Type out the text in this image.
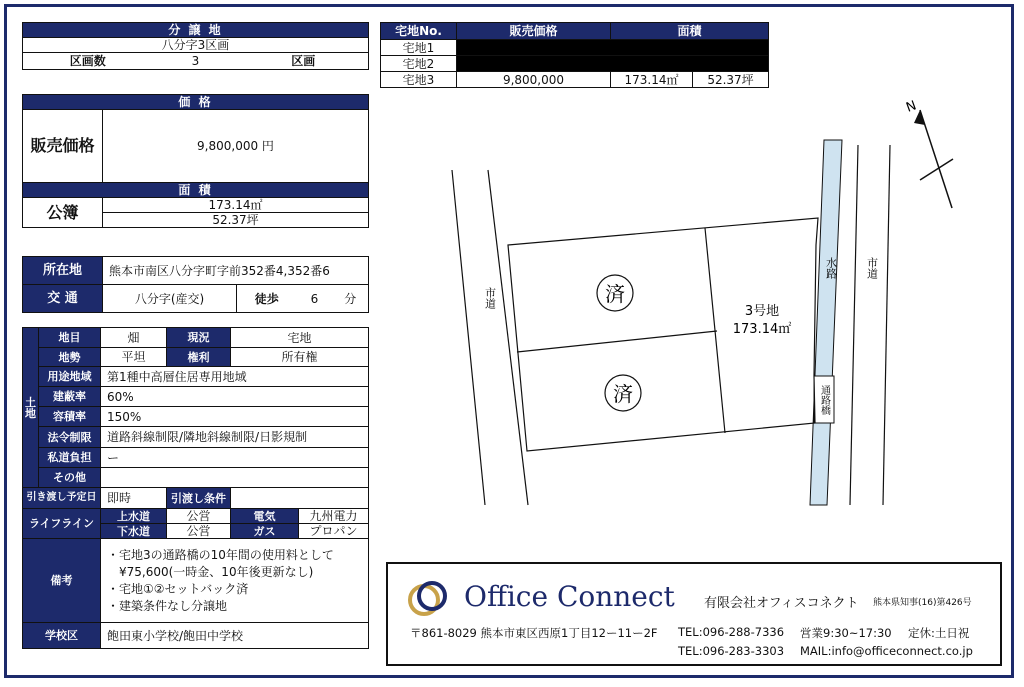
分 譲 地
八分字3区画
区画数	3	区画
価 格	
販売価格	9,800,000 円
面 積	
公簿	173.14㎡
	52.37坪
所在地	熊本市南区八分字町字前352番4,352番6			
交 通	八分字(産交)	徒歩	6	分
土地	地目	畑	現況	宅地	
	地勢	平坦	権利	所有権	
	用途地域	第1種中高層住居専用地域			
	建蔽率	60%			
	容積率	150%			
	法令制限	道路斜線制限/隣地斜線制限/日影規制			
	私道負担	ー			
	その他				
引き渡し予定日		即時	引渡し条件		
ライフライン		上水道	公営	電気	九州電力
		下水道	公営	ガス	プロパン
備考		・宅地3の通路橋の10年間の使用料として
¥75,600(一時金、10年後更新なし)
・宅地①②セットバック済
・建築条件なし分譲地			

学校区		飽田東小学校/飽田中学校			
宅地No.	販売価格	面積	
宅地1			
宅地2			
宅地3	9,800,000	173.14㎡	52.37坪
N
市道
市道
水路
通路橋
済
済
3号地
173.14㎡
Office Connect 有限会社オフィスコネクト 熊本県知事(16)第426号
〒861-8029 熊本市東区西原1丁目12ー11ー2F TEL:096-288-7336 営業9:30~17:30 定休:土日祝
TEL:096-283-3303 MAIL:info@officeconnect.co.jp
